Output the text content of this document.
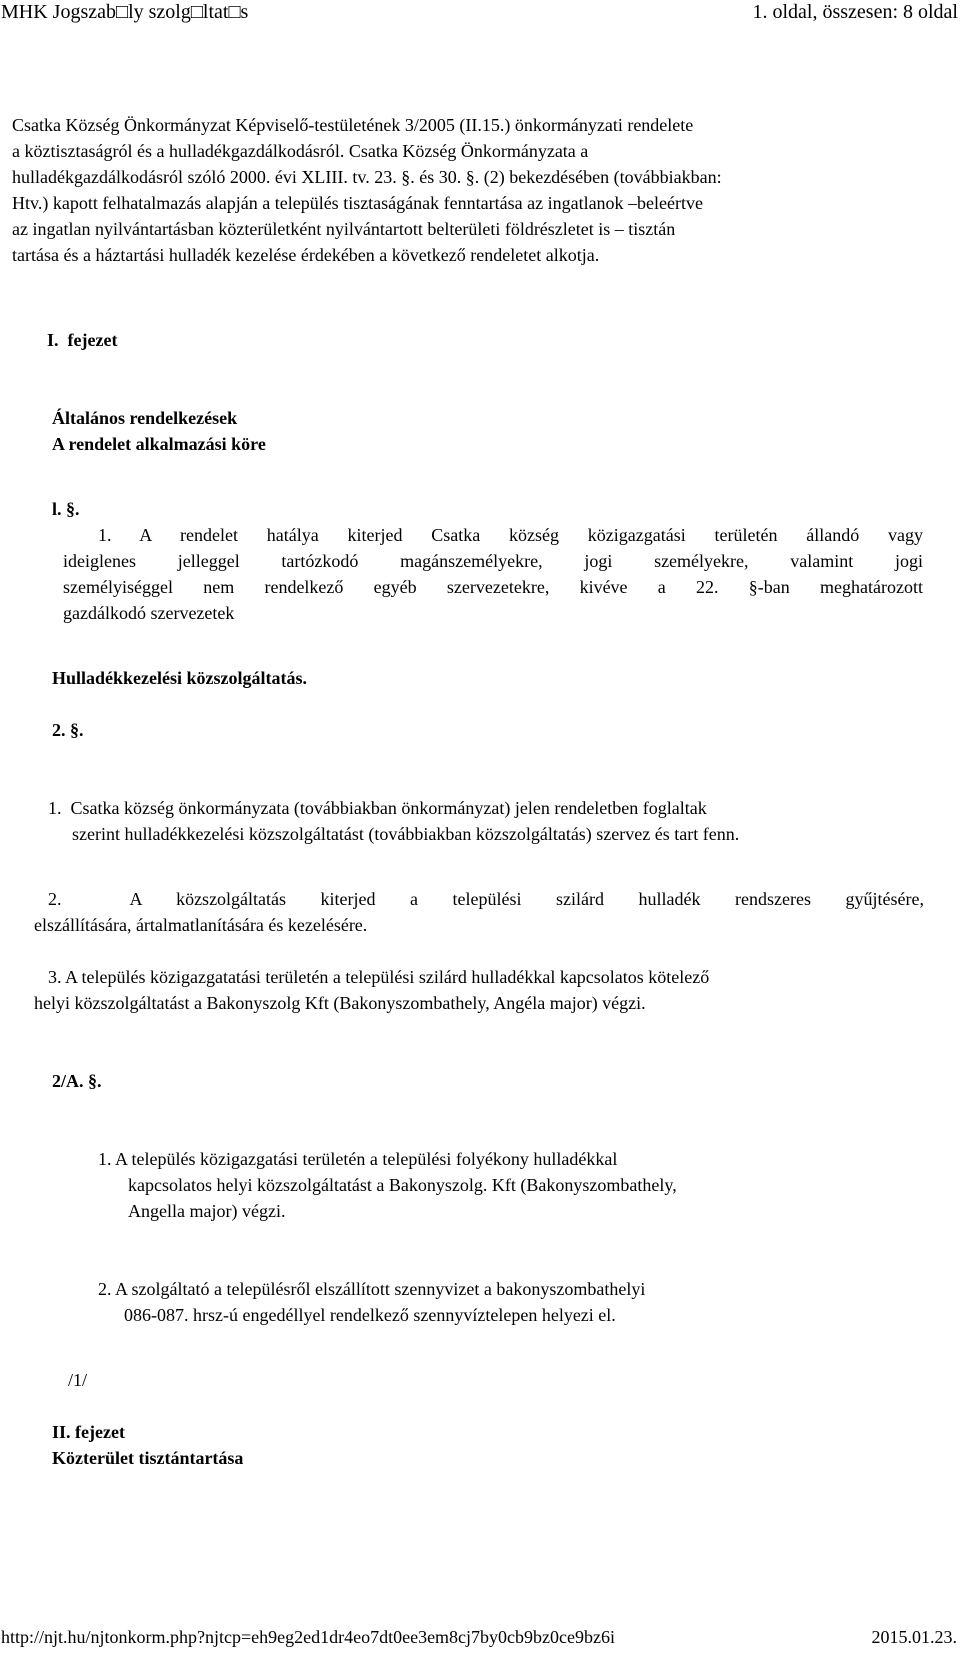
MHK Jogszab□ly szolg□ltat□s	1. oldal, összesen: 8 oldal
Csatka Község Önkormányzat Képviselő-testületének 3/2005 (II.15.) önkormányzati rendelete
a köztisztaságról és a hulladékgazdálkodásról. Csatka Község Önkormányzata a
hulladékgazdálkodásról szóló 2000. évi XLIII. tv. 23. §. és 30. §. (2) bekezdésében (továbbiakban:
Htv.) kapott felhatalmazás alapján a település tisztaságának fenntartása az ingatlanok –beleértve
az ingatlan nyilvántartásban közterületként nyilvántartott belterületi földrészletet is – tisztán
tartása és a háztartási hulladék kezelése érdekében a következő rendeletet alkotja.
I.  fejezet
Általános rendelkezések
A rendelet alkalmazási köre
l. §.
1. A rendelet hatálya kiterjed Csatka község közigazgatási területén állandó vagy
ideiglenes jelleggel tartózkodó magánszemélyekre, jogi személyekre, valamint jogi
személyiséggel nem rendelkező egyéb szervezetekre, kivéve a 22. §-ban meghatározott
gazdálkodó szervezetek
Hulladékkezelési közszolgáltatás.
2. §.
1.  Csatka község önkormányzata (továbbiakban önkormányzat) jelen rendeletben foglaltak
szerint hulladékkezelési közszolgáltatást (továbbiakban közszolgáltatás) szervez és tart fenn.
2.  A közszolgáltatás kiterjed a települési szilárd hulladék rendszeres gyűjtésére,
elszállítására, ártalmatlanítására és kezelésére.
3. A település közigazgatatási területén a települési szilárd hulladékkal kapcsolatos kötelező
helyi közszolgáltatást a Bakonyszolg Kft (Bakonyszombathely, Angéla major) végzi.
2/A. §.
1. A település közigazgatási területén a települési folyékony hulladékkal
kapcsolatos helyi közszolgáltatást a Bakonyszolg. Kft (Bakonyszombathely,
Angella major) végzi.
2. A szolgáltató a településről elszállított szennyvizet a bakonyszombathelyi
086-087. hrsz-ú engedéllyel rendelkező szennyvíztelepen helyezi el.
/1/
II. fejezet
Közterület tisztántartása
http://njt.hu/njtonkorm.php?njtcp=eh9eg2ed1dr4eo7dt0ee3em8cj7by0cb9bz0ce9bz6i	2015.01.23.
